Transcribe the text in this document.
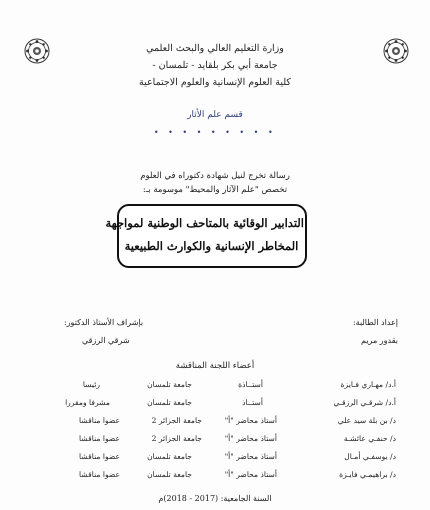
وزارة التعليم العالي والبحث العلمي
جامعة أبي بكر بلقايد - تلمسان -
كلية العلوم الإنسانية والعلوم الاجتماعية
قسم علم الأثار
• • • • • • • • •
رسالة تخرج لنيل شهادة دكتوراه في العلوم
تخصص "علم الآثار والمحيط" موسومة بـ:
التدابير الوقائية بالمتاحف الوطنية لمواجهة
المخاطر الإنسانية والكوارث الطبيعية
إعداد الطالبة:
بقدور مريم
بإشراف الأستاذ الدكتور:
شرقي الرزقي
أعضاء اللجنة المناقشة
أ.د/ مهـاري فـايزة
أستــاذة
جامعة تلمسان
رئيسا
أ.د/ شرقـي الرزقـي
أستــاذ
جامعة تلمسان
مشرفا ومقررا
د/ بن بلة سيد علي
أستاذ محاضر "أ"
جامعة الجزائر 2
عضوا مناقشا
د/ حنفـي عائشـة
أستاذ محاضر "أ"
جامعة الجزائر 2
عضوا مناقشا
د/ يوسفـي أمـال
أستاذ محاضر "أ"
جامعة تلمسان
عضوا مناقشا
د/ براهيمـي فايـزة
أستاذ محاضر "أ"
جامعة تلمسان
عضوا مناقشا
السنة الجامعية: (2017 - 2018)م
